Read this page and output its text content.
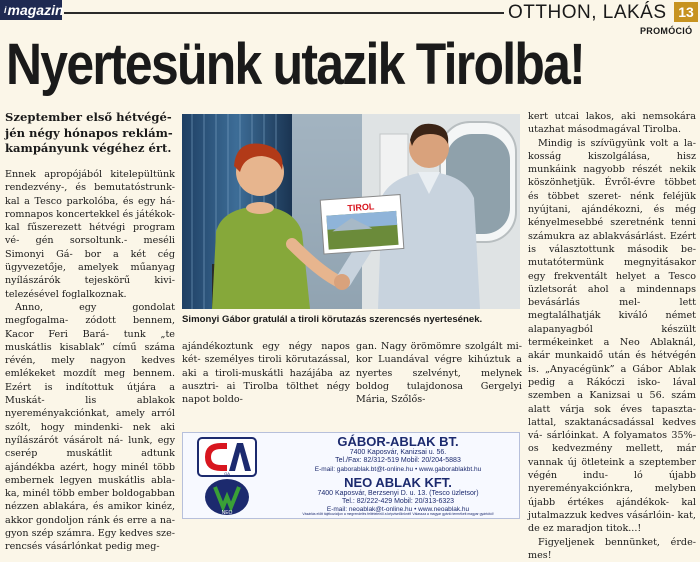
$^i$magazin	OTTHON, LAKÁS 13
PROMÓCIÓ
Nyertesünk utazik Tirolba!
Szeptember első hétvégé- jén négy hónapos reklám- kampányunk végéhez ért.

Ennek apropójából kitelepültünk rendezvény-, és bemutatóstrunk- kal a Tesco parkolóba, és egy há- romnapos koncertekkel és játékok- kal fűszerezett hétvégi program vé- gén sorsoltunk.- meséli Simonyi Gá- bor a két cég ügyvezetője, amelyek műanyag nyílászárók tejeskörű kivi- telezésével foglalkoznak.

Anno, egy gondolat megfogalma- zódott bennem, Kacor Feri Bará- tunk „te muskátlis kisablak” című száma révén, mely nagyon kedves emlékeket mozdít meg bennem. Ezért is indítottuk útjára a Muskát- lis ablakok nyereményakciónkat, amely arról szólt, hogy mindenki- nek aki nyílászárót vásárolt ná- lunk, egy cserép muskátlit adtunk ajándékba azért, hogy minél több embernek legyen muskátlis abla- ka, minél több ember boldogabban nézzen ablakára, és amikor kinéz, akkor gondoljon ránk és erre a na- gyon szép számra. Egy kedves sze- rencsés vásárlónkat pedig meg-

TIROL
Simonyi Gábor gratulál a tiroli körutazás szerencsés nyertesének.

ajándékoztunk egy négy napos két- személyes tiroli körutazással, aki a tiroli-muskátli hazájába az ausztri- ai Tirolba tölthet négy napot boldo-

gan. Nagy örömömre szolgált mi- kor Luandával végre kihúztuk a nyertes szelvényt, melynek boldog tulajdonosa Gergelyi Mária, Szőlős-

kert utcai lakos, aki nemsokára utazhat másodmagával Tirolba.

Mindig is szívügyünk volt a la- kosság kiszolgálása, hisz munkáink nagyobb részét nekik köszönhetjük. Évről-évre többet és többet szeret- nénk feléjük nyújtani, ajándékozni, és még kényelmesebbé szeretnénk tenni számukra az ablakvásárlást. Ezért is választottunk második be- mutatótermünk megnyitásakor egy frekventált helyet a Tesco üzletsorát ahol a mindennaps bevásárlás mel- lett megtalálhatják kiváló német alapanyagból készült termékeinket a Neo Ablaknál, akár munkaidő után és hétvégén is. „Anyacégünk” a Gábor Ablak pedig a Rákóczi isko- lával szemben a Kanizsai u 56. szám alatt várja sok éves tapaszta- lattal, szaktanácsadással kedves vá- sárlóinkat. A folyamatos 35%-os kedvezmény mellett, már vannak új ötleteink a szeptember végén indu- ló újabb nyereményakciónkra, melyben újabb értékes ajándékok- kal jutalmazzuk kedves vásárlóin- kat, de ez maradjon titok...!

Figyeljenek bennünket, érde- mes!

GA
NEO
GÁBOR-ABLAK BT.
7400 Kaposvár, Kanizsai u. 56.
Tel./Fax: 82/312-519 Mobil: 20/204-5883
E-mail: gaborablak.bt@t-online.hu • www.gaborablakbt.hu
NEO ABLAK KFT.
7400 Kaposvár, Berzsenyi D. u. 13. (Tesco üzletsor)
Tel.: 82/222-429 Mobil: 20/313-6323
E-mail: neoablak@t-online.hu • www.neoablak.hu
Vásárlás előtt tájékozódjon a megrendelés feltételeiről a képviselőinknél! Válassza a magyar gyártó termékeit magyar gyártótól!
